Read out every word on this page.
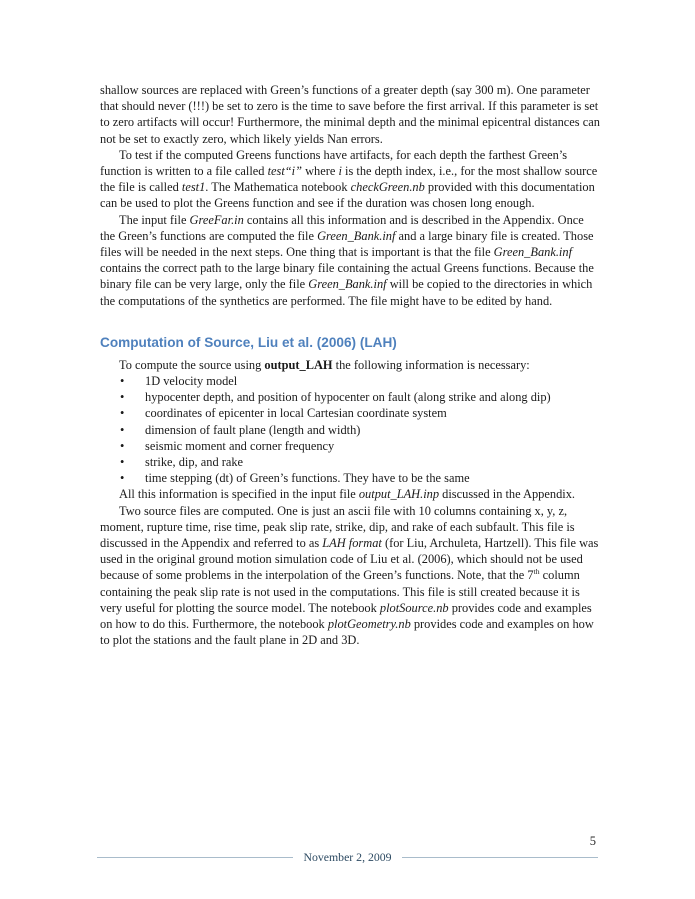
shallow sources are replaced with Green’s functions of a greater depth (say 300 m). One parameter that should never (!!!) be set to zero is the time to save before the first arrival. If this parameter is set to zero artifacts will occur! Furthermore, the minimal depth and the minimal epicentral distances can not be set to exactly zero, which likely yields Nan errors.

To test if the computed Greens functions have artifacts, for each depth the farthest Green’s function is written to a file called test“i” where i is the depth index, i.e., for the most shallow source the file is called test1. The Mathematica notebook checkGreen.nb provided with this documentation can be used to plot the Greens function and see if the duration was chosen long enough.

The input file GreeFar.in contains all this information and is described in the Appendix. Once the Green’s functions are computed the file Green_Bank.inf and a large binary file is created. Those files will be needed in the next steps. One thing that is important is that the file Green_Bank.inf contains the correct path to the large binary file containing the actual Greens functions. Because the binary file can be very large, only the file Green_Bank.inf will be copied to the directories in which the computations of the synthetics are performed. The file might have to be edited by hand.

Computation of Source, Liu et al. (2006) (LAH)

To compute the source using output_LAH the following information is necessary:

• 1D velocity model
• hypocenter depth, and position of hypocenter on fault (along strike and along dip)
• coordinates of epicenter in local Cartesian coordinate system
• dimension of fault plane (length and width)
• seismic moment and corner frequency
• strike, dip, and rake
• time stepping (dt) of Green’s functions. They have to be the same

All this information is specified in the input file output_LAH.inp discussed in the Appendix.

Two source files are computed. One is just an ascii file with 10 columns containing x, y, z, moment, rupture time, rise time, peak slip rate, strike, dip, and rake of each subfault. This file is discussed in the Appendix and referred to as LAH format (for Liu, Archuleta, Hartzell). This file was used in the original ground motion simulation code of Liu et al. (2006), which should not be used because of some problems in the interpolation of the Green’s functions. Note, that the 7th column containing the peak slip rate is not used in the computations. This file is still created because it is very useful for plotting the source model. The notebook plotSource.nb provides code and examples on how to do this. Furthermore, the notebook plotGeometry.nb provides code and examples on how to plot the stations and the fault plane in 2D and 3D.

5
November 2, 2009
